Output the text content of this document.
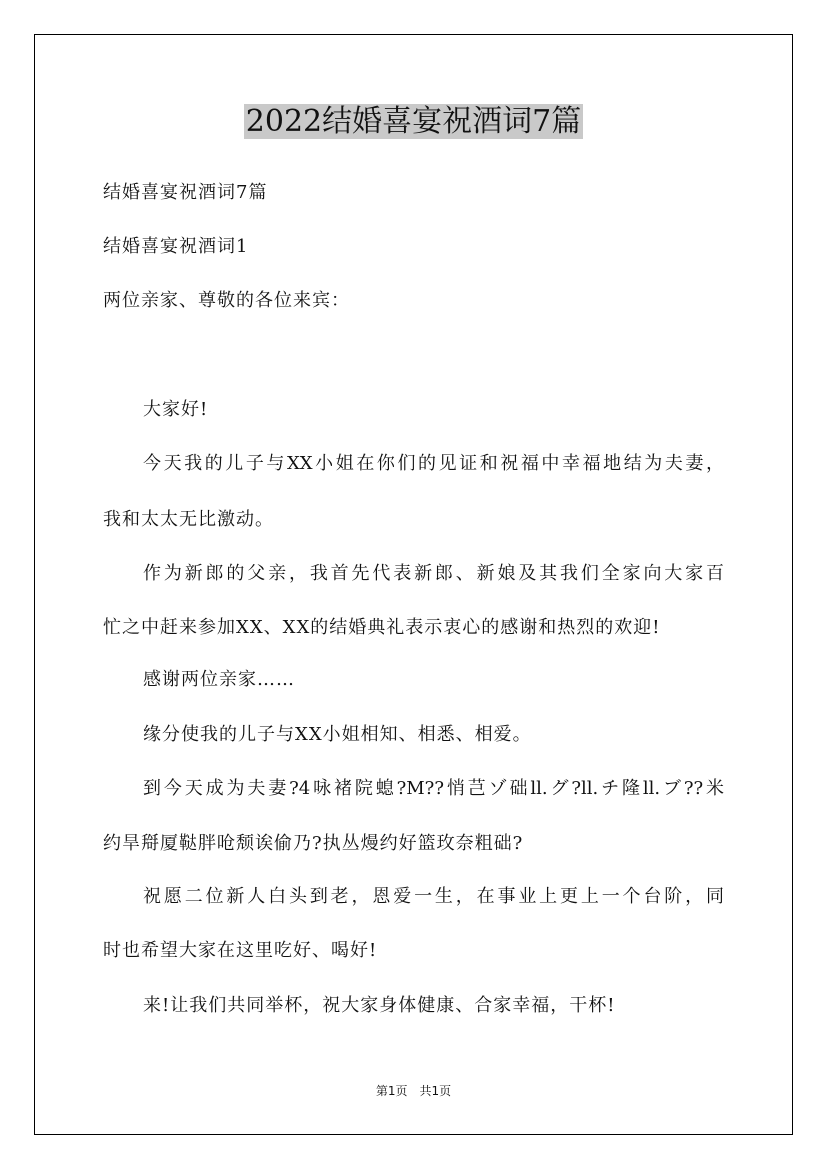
2022结婚喜宴祝酒词7篇
结婚喜宴祝酒词7篇
结婚喜宴祝酒词1
两位亲家、尊敬的各位来宾：
大家好!
今天我的儿子与XX小姐在你们的见证和祝福中幸福地结为夫妻，
我和太太无比激动。
作为新郎的父亲，我首先代表新郎、新娘及其我们全家向大家百
忙之中赶来参加XX、XX的结婚典礼表示衷心的感谢和热烈的欢迎!
感谢两位亲家……
缘分使我的儿子与XX小姐相知、相悉、相爱。
到今天成为夫妻?4咏褚院螅?M??悄芑ゾ础ll.グ?ll.チ隆ll.ブ??米
约旱搿厦鞑胖呛颓诶偷乃?执丛熳约好篮玫奈粗础?
祝愿二位新人白头到老，恩爱一生，在事业上更上一个台阶，同
时也希望大家在这里吃好、喝好!
来!让我们共同举杯，祝大家身体健康、合家幸福，干杯!
第1页　共1页
